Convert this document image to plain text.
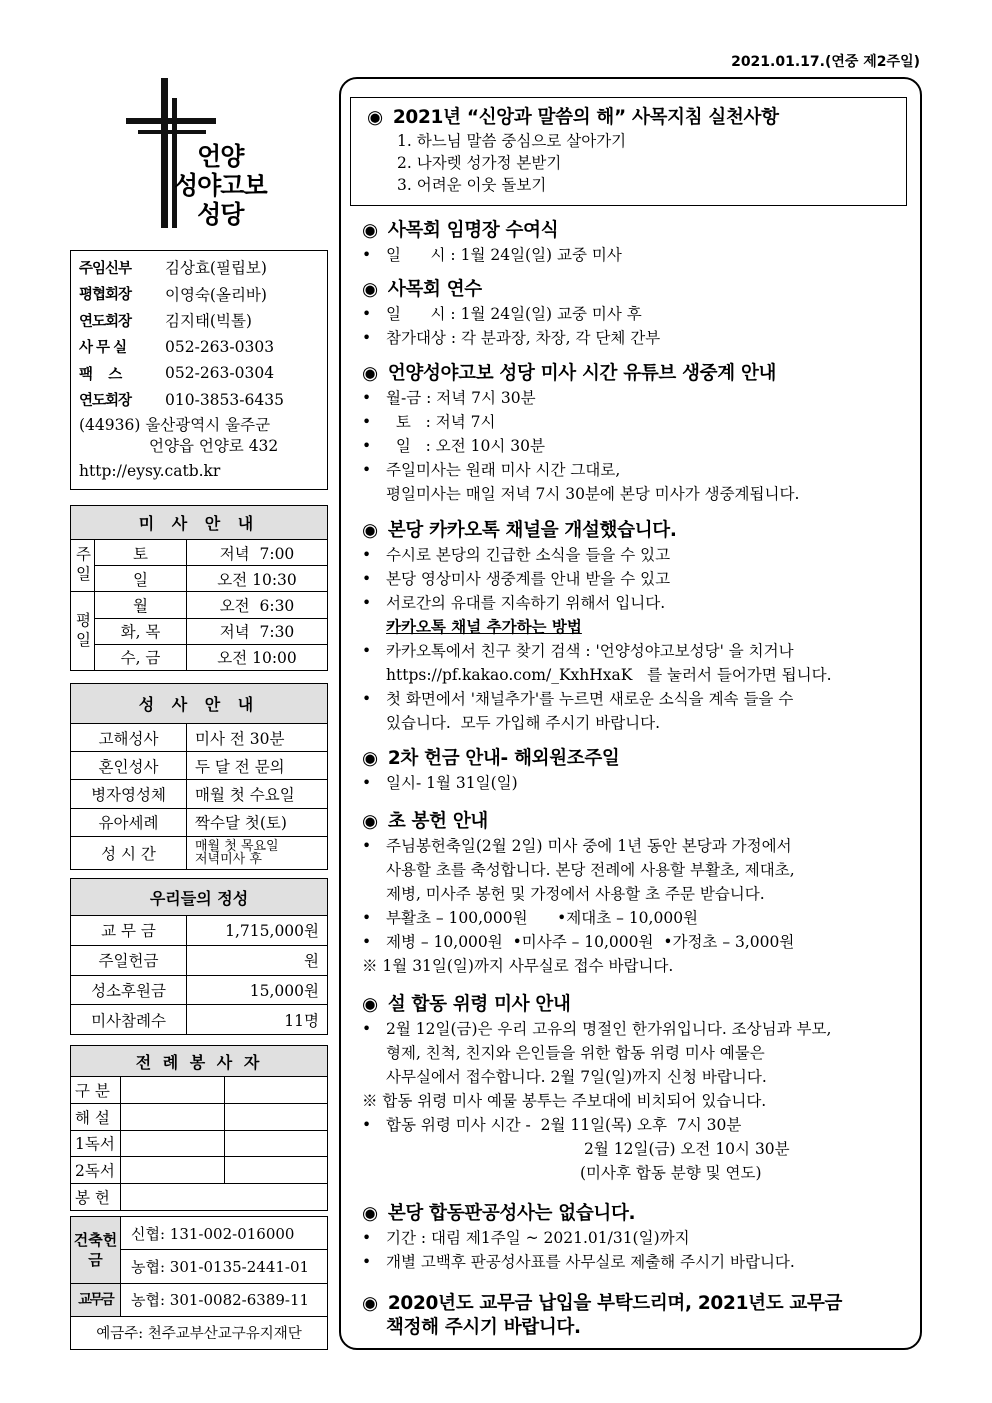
2021.01.17.(연중 제2주일)
언양
성야고보
성당
주임신부	김상효(필립보)
평협회장	이영숙(올리바)
연도회장	김지태(빅톨)
사 무 실	052-263-0303
팩    스	052-263-0304
연도회장	010-3853-6435
(44936) 울산광역시 울주군
언양읍 언양로 432
http://eysy.catb.kr
미 사 안 내		
주일	토	저녁  7:00
	일	오전 10:30
평일	월	오전  6:30
	화, 목	저녁  7:30
	수, 금	오전 10:00
성 사 안 내	
고해성사	미사 전 30분
혼인성사	두 달 전 문의
병자영성체	매월 첫 수요일
유아세례	짝수달 첫(토)
성 시 간	매월 첫 목요일
저녁미사 후
우리들의 정성	
교 무 금	1,715,000원
주일헌금	원
성소후원금	15,000원
미사참례수	11명
전 례 봉 사 자		
구 분		
해 설		
1독서		
2독서		
봉 헌		
건축헌금	신협: 131-002-016000
	농협: 301-0135-2441-01
교무금	농협: 301-0082-6389-11
예금주: 천주교부산교구유지재단	
◉ 2021년 “신앙과 말씀의 해” 사목지침 실천사항
1. 하느님 말씀 중심으로 살아가기
2. 나자렛 성가정 본받기
3. 어려운 이웃 돌보기
◉ 사목회 임명장 수여식
• 일      시 : 1월 24일(일) 교중 미사
◉ 사목회 연수
• 일      시 : 1월 24일(일) 교중 미사 후
• 참가대상 : 각 분과장, 차장, 각 단체 간부
◉ 언양성야고보 성당 미사 시간 유튜브 생중계 안내
• 월-금 : 저녁 7시 30분
•  토   : 저녁 7시
•  일   : 오전 10시 30분
• 주일미사는 원래 미사 시간 그대로,
평일미사는 매일 저녁 7시 30분에 본당 미사가 생중계됩니다.
◉ 본당 카카오톡 채널을 개설했습니다.
• 수시로 본당의 긴급한 소식을 들을 수 있고
• 본당 영상미사 생중계를 안내 받을 수 있고
• 서로간의 유대를 지속하기 위해서 입니다.
카카오톡 채널 추가하는 방법
• 카카오톡에서 친구 찾기 검색 : '언양성야고보성당' 을 치거나
https://pf.kakao.com/_KxhHxaK   를 눌러서 들어가면 됩니다.
• 첫 화면에서 '채널추가'를 누르면 새로운 소식을 계속 들을 수
있습니다.  모두 가입해 주시기 바랍니다.
◉ 2차 헌금 안내- 해외원조주일
• 일시- 1월 31일(일)
◉ 초 봉헌 안내
• 주님봉헌축일(2월 2일) 미사 중에 1년 동안 본당과 가정에서
사용할 초를 축성합니다. 본당 전례에 사용할 부활초, 제대초,
제병, 미사주 봉헌 및 가정에서 사용할 초 주문 받습니다.
• 부활초 – 100,000원      •제대초 – 10,000원
• 제병 – 10,000원  •미사주 – 10,000원  •가정초 – 3,000원
※ 1월 31일(일)까지 사무실로 접수 바랍니다.
◉ 설 합동 위령 미사 안내
• 2월 12일(금)은 우리 고유의 명절인 한가위입니다. 조상님과 부모,
형제, 친척, 친지와 은인들을 위한 합동 위령 미사 예물은
사무실에서 접수합니다. 2월 7일(일)까지 신청 바랍니다.
※ 합동 위령 미사 예물 봉투는 주보대에 비치되어 있습니다.
• 합동 위령 미사 시간 -  2월 11일(목) 오후  7시 30분
2월 12일(금) 오전 10시 30분
(미사후 합동 분향 및 연도)
◉ 본당 합동판공성사는 없습니다.
• 기간 : 대림 제1주일 ~ 2021.01/31(일)까지
• 개별 고백후 판공성사표를 사무실로 제출해 주시기 바랍니다.
◉ 2020년도 교무금 납입을 부탁드리며, 2021년도 교무금
책정해 주시기 바랍니다.
